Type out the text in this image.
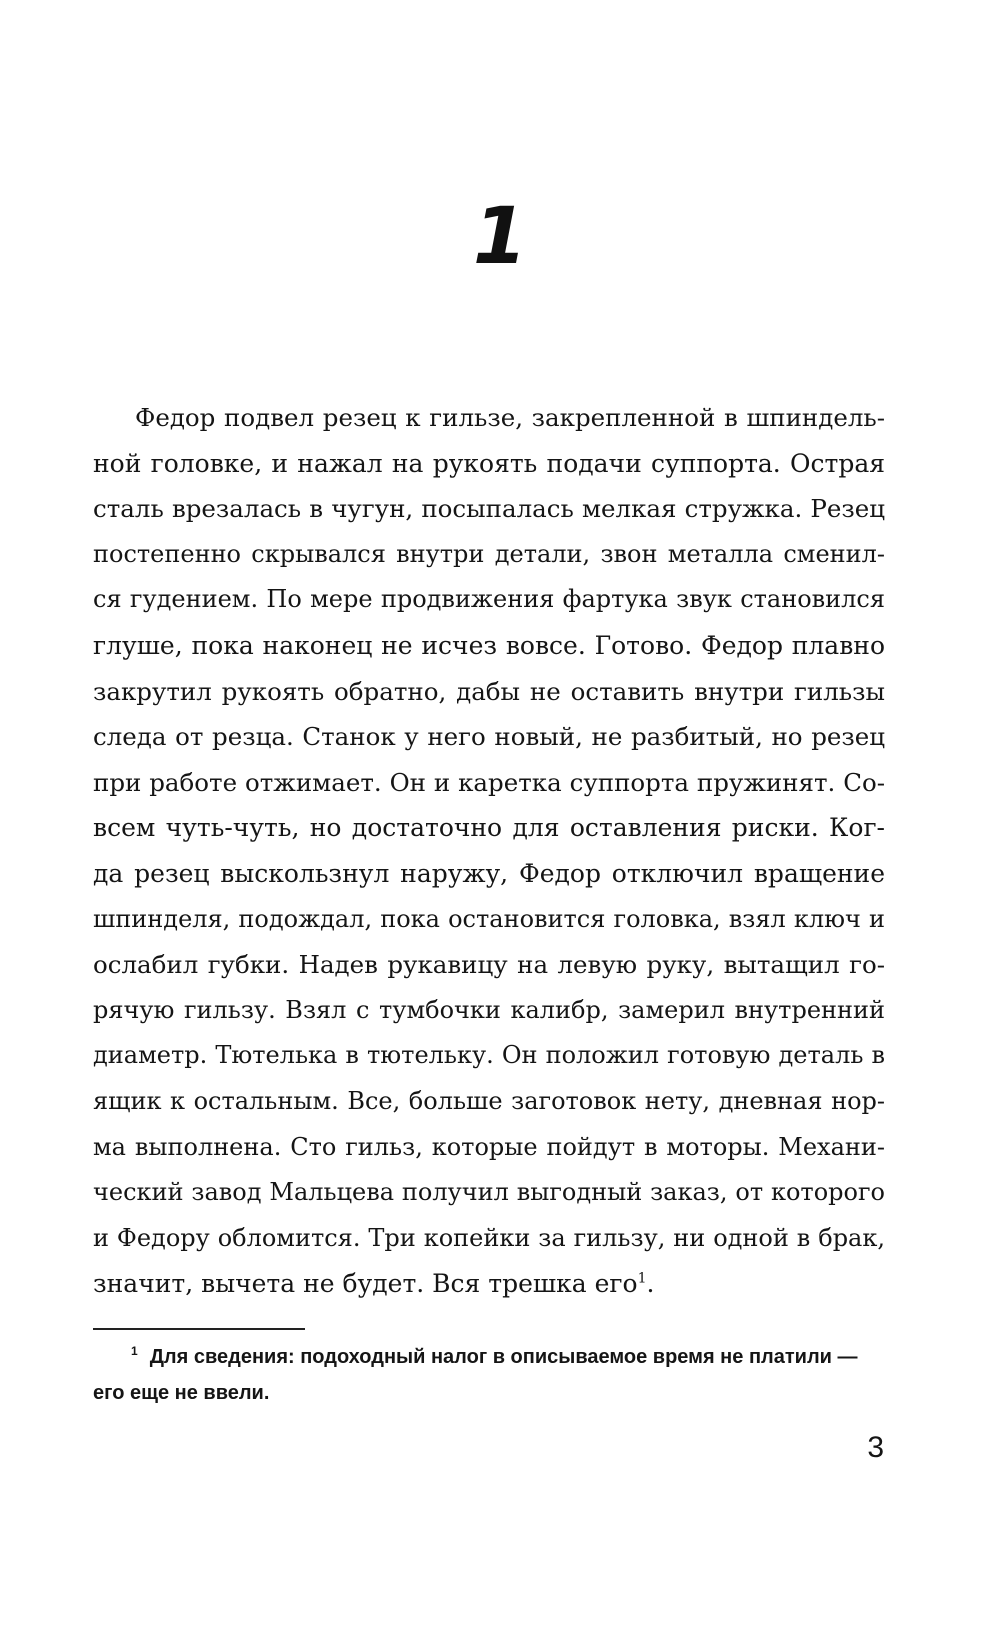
1
Федор подвел резец к гильзе, закрепленной в шпиндель-
ной головке, и нажал на рукоять подачи суппорта. Острая
сталь врезалась в чугун, посыпалась мелкая стружка. Резец
постепенно скрывался внутри детали, звон металла сменил-
ся гудением. По мере продвижения фартука звук становился
глуше, пока наконец не исчез вовсе. Готово. Федор плавно
закрутил рукоять обратно, дабы не оставить внутри гильзы
следа от резца. Станок у него новый, не разбитый, но резец
при работе отжимает. Он и каретка суппорта пружинят. Со-
всем чуть-чуть, но достаточно для оставления риски. Ког-
да резец выскользнул наружу, Федор отключил вращение
шпинделя, подождал, пока остановится головка, взял ключ и
ослабил губки. Надев рукавицу на левую руку, вытащил го-
рячую гильзу. Взял с тумбочки калибр, замерил внутренний
диаметр. Тютелька в тютельку. Он положил готовую деталь в
ящик к остальным. Все, больше заготовок нету, дневная нор-
ма выполнена. Сто гильз, которые пойдут в моторы. Механи-
ческий завод Мальцева получил выгодный заказ, от которого
и Федору обломится. Три копейки за гильзу, ни одной в брак,
значит, вычета не будет. Вся трешка его$^1$.
$^1$ Для сведения: подоходный налог в описываемое время не платили —
его еще не ввели.
3
